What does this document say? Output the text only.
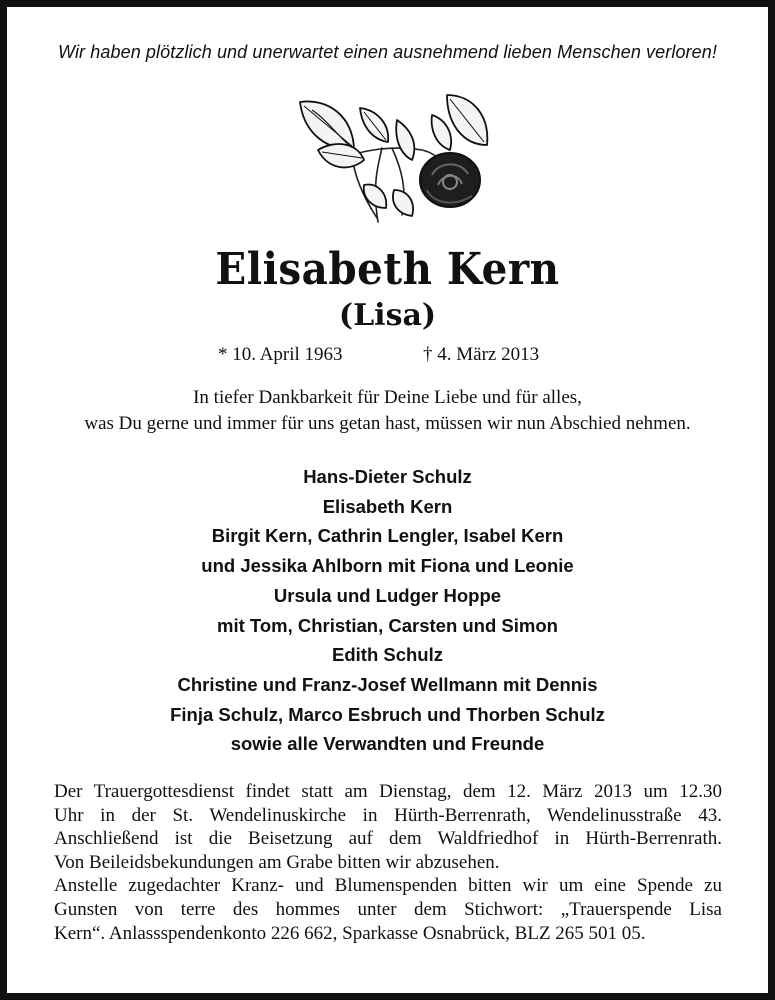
Wir haben plötzlich und unerwartet einen ausnehmend lieben Menschen verloren!
Elisabeth Kern
(Lisa)
* 10. April 1963	† 4. März 2013
In tiefer Dankbarkeit für Deine Liebe und für alles,
was Du gerne und immer für uns getan hast, müssen wir nun Abschied nehmen.
Hans-Dieter Schulz
Elisabeth Kern
Birgit Kern, Cathrin Lengler, Isabel Kern
und Jessika Ahlborn mit Fiona und Leonie
Ursula und Ludger Hoppe
mit Tom, Christian, Carsten und Simon
Edith Schulz
Christine und Franz-Josef Wellmann mit Dennis
Finja Schulz, Marco Esbruch und Thorben Schulz
sowie alle Verwandten und Freunde
Der Trauergottesdienst findet statt am Dienstag, dem 12. März 2013 um 12.30
Uhr in der St. Wendelinuskirche in Hürth-Berrenrath, Wendelinusstraße 43.
Anschließend ist die Beisetzung auf dem Waldfriedhof in Hürth-Berrenrath.
Von Beileidsbekundungen am Grabe bitten wir abzusehen.
Anstelle zugedachter Kranz- und Blumenspenden bitten wir um eine Spende zu
Gunsten von terre des hommes unter dem Stichwort: „Trauerspende Lisa
Kern“. Anlassspendenkonto 226 662, Sparkasse Osnabrück, BLZ 265 501 05.
